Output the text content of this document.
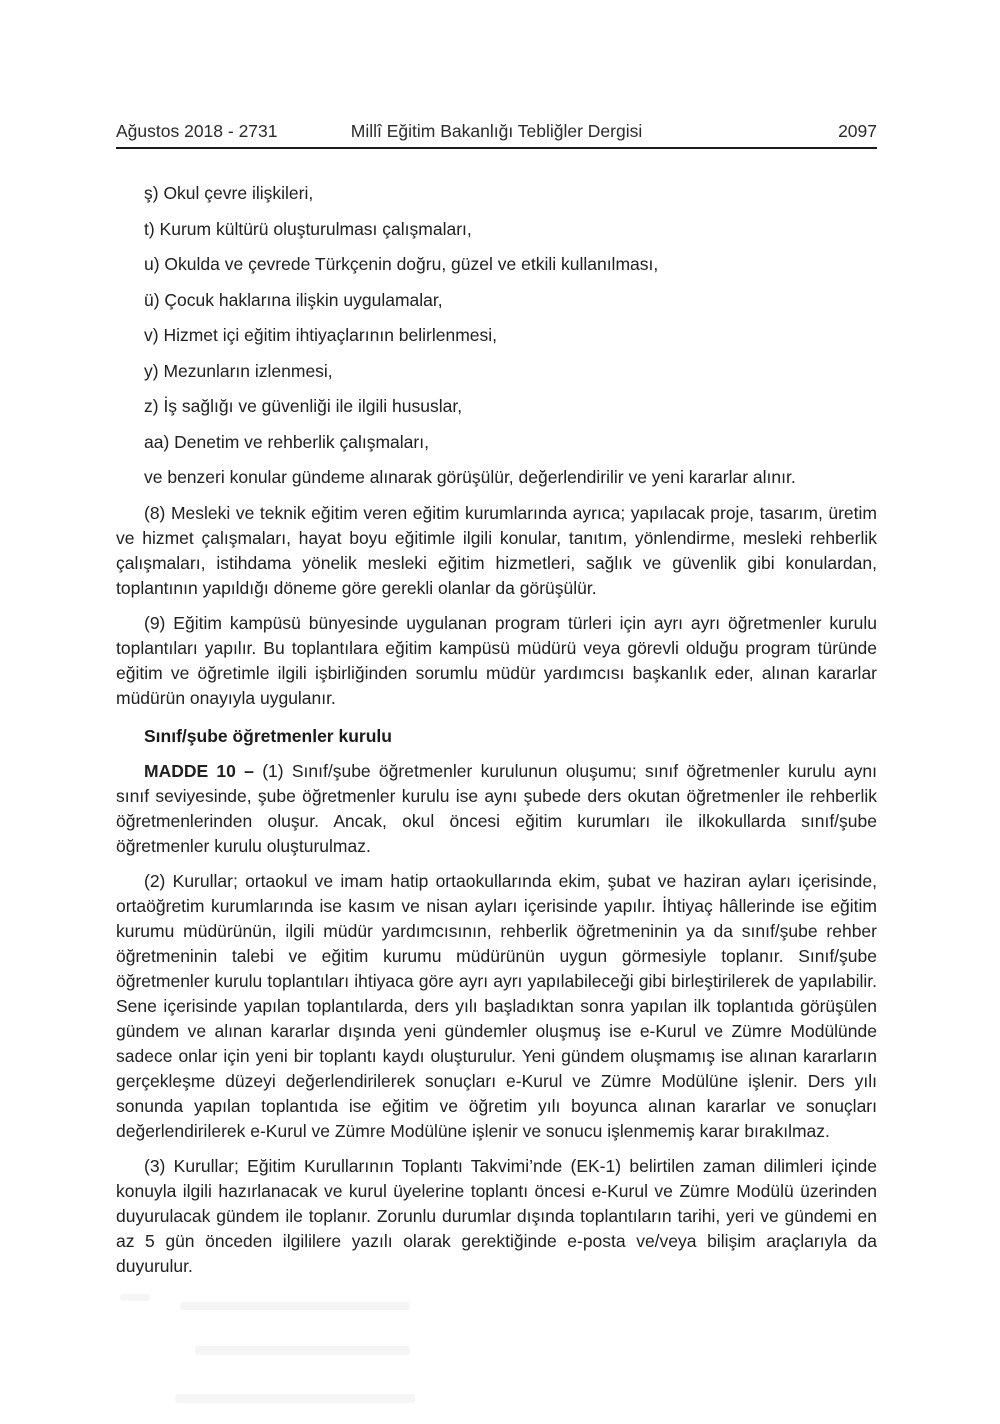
Ağustos 2018 - 2731	Millî Eğitim Bakanlığı Tebliğler Dergisi	2097

ş) Okul çevre ilişkileri,

t) Kurum kültürü oluşturulması çalışmaları,

u) Okulda ve çevrede Türkçenin doğru, güzel ve etkili kullanılması,

ü) Çocuk haklarına ilişkin uygulamalar,

v) Hizmet içi eğitim ihtiyaçlarının belirlenmesi,

y) Mezunların izlenmesi,

z) İş sağlığı ve güvenliği ile ilgili hususlar,

aa) Denetim ve rehberlik çalışmaları,

ve benzeri konular gündeme alınarak görüşülür, değerlendirilir ve yeni kararlar alınır.

(8) Mesleki ve teknik eğitim veren eğitim kurumlarında ayrıca; yapılacak proje, tasarım, üretim ve hizmet çalışmaları, hayat boyu eğitimle ilgili konular, tanıtım, yönlendirme, mesleki rehberlik çalışmaları, istihdama yönelik mesleki eğitim hizmetleri, sağlık ve güvenlik gibi konulardan, toplantının yapıldığı döneme göre gerekli olanlar da görüşülür.

(9) Eğitim kampüsü bünyesinde uygulanan program türleri için ayrı ayrı öğretmenler kurulu toplantıları yapılır. Bu toplantılara eğitim kampüsü müdürü veya görevli olduğu program türünde eğitim ve öğretimle ilgili işbirliğinden sorumlu müdür yardımcısı başkanlık eder, alınan kararlar müdürün onayıyla uygulanır.

Sınıf/şube öğretmenler kurulu

MADDE 10 – (1) Sınıf/şube öğretmenler kurulunun oluşumu; sınıf öğretmenler kurulu aynı sınıf seviyesinde, şube öğretmenler kurulu ise aynı şubede ders okutan öğretmenler ile rehberlik öğretmenlerinden oluşur. Ancak, okul öncesi eğitim kurumları ile ilkokullarda sınıf/şube öğretmenler kurulu oluşturulmaz.

(2) Kurullar; ortaokul ve imam hatip ortaokullarında ekim, şubat ve haziran ayları içerisinde, ortaöğretim kurumlarında ise kasım ve nisan ayları içerisinde yapılır. İhtiyaç hâllerinde ise eğitim kurumu müdürünün, ilgili müdür yardımcısının, rehberlik öğretmeninin ya da sınıf/şube rehber öğretmeninin talebi ve eğitim kurumu müdürünün uygun görmesiyle toplanır. Sınıf/şube öğretmenler kurulu toplantıları ihtiyaca göre ayrı ayrı yapılabileceği gibi birleştirilerek de yapılabilir. Sene içerisinde yapılan toplantılarda, ders yılı başladıktan sonra yapılan ilk toplantıda görüşülen gündem ve alınan kararlar dışında yeni gündemler oluşmuş ise e-Kurul ve Zümre Modülünde sadece onlar için yeni bir toplantı kaydı oluşturulur. Yeni gündem oluşmamış ise alınan kararların gerçekleşme düzeyi değerlendirilerek sonuçları e-Kurul ve Zümre Modülüne işlenir. Ders yılı sonunda yapılan toplantıda ise eğitim ve öğretim yılı boyunca alınan kararlar ve sonuçları değerlendirilerek e-Kurul ve Zümre Modülüne işlenir ve sonucu işlenmemiş karar bırakılmaz.

(3) Kurullar; Eğitim Kurullarının Toplantı Takvimi’nde (EK-1) belirtilen zaman dilimleri içinde konuyla ilgili hazırlanacak ve kurul üyelerine toplantı öncesi e-Kurul ve Zümre Modülü üzerinden duyurulacak gündem ile toplanır. Zorunlu durumlar dışında toplantıların tarihi, yeri ve gündemi en az 5 gün önceden ilgililere yazılı olarak gerektiğinde e-posta ve/veya bilişim araçlarıyla da duyurulur.
